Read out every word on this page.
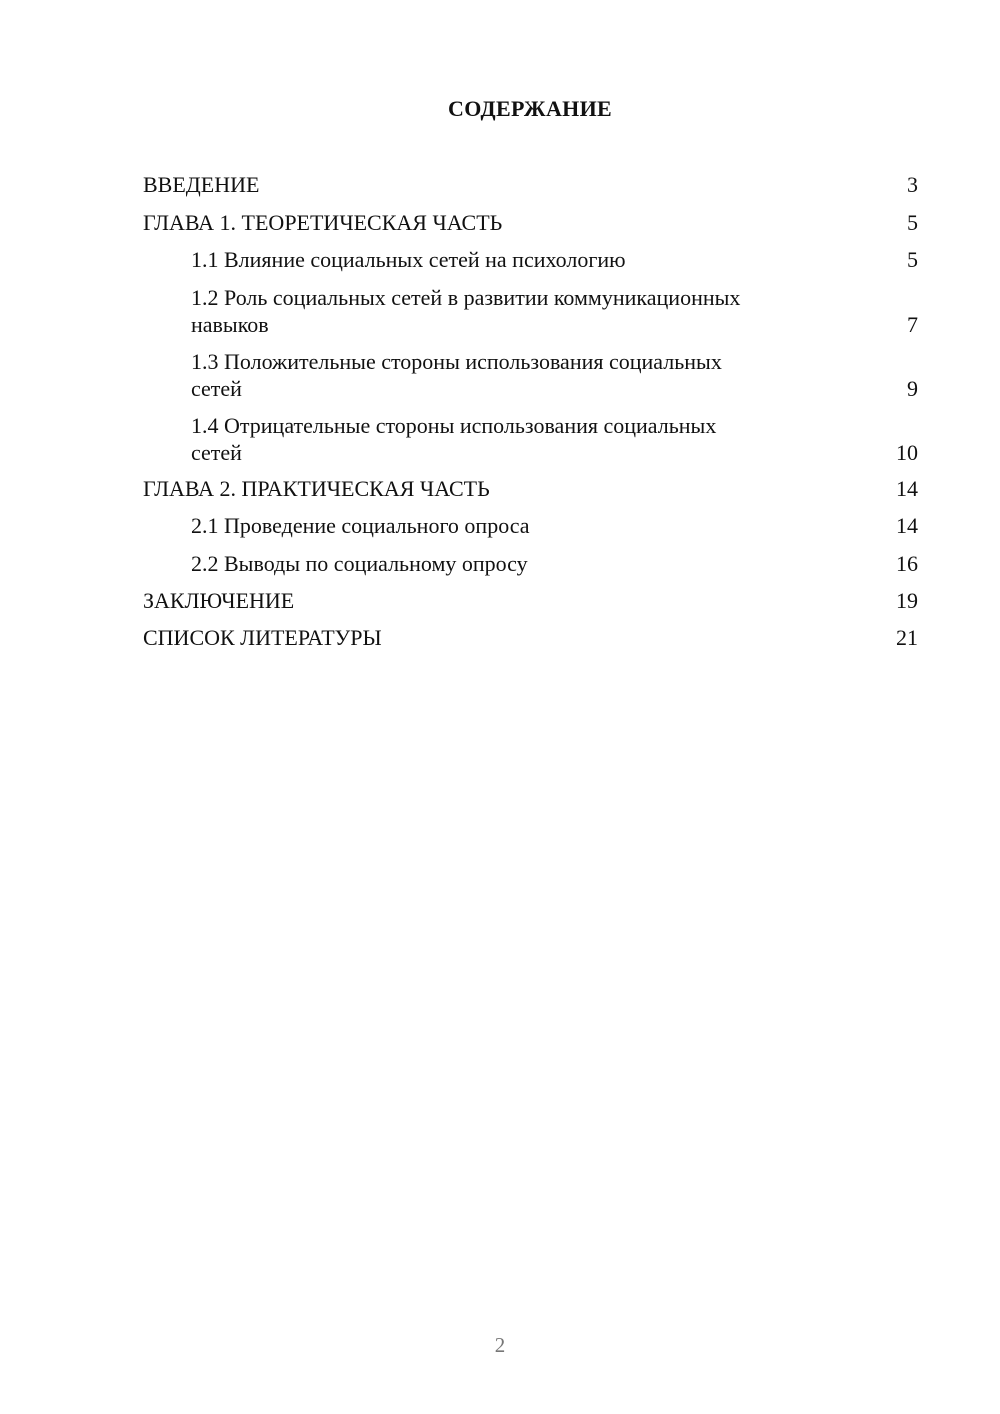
СОДЕРЖАНИЕ
ВВЕДЕНИЕ	3
ГЛАВА 1. ТЕОРЕТИЧЕСКАЯ ЧАСТЬ	5
1.1 Влияние социальных сетей на психологию	5
1.2 Роль социальных сетей в развитии коммуникационных
навыков	7
1.3 Положительные стороны использования социальных
сетей	9
1.4 Отрицательные стороны использования социальных
сетей	10
ГЛАВА 2. ПРАКТИЧЕСКАЯ ЧАСТЬ	14
2.1 Проведение социального опроса	14
2.2 Выводы по социальному опросу	16
ЗАКЛЮЧЕНИЕ	19
СПИСОК ЛИТЕРАТУРЫ	21
2
